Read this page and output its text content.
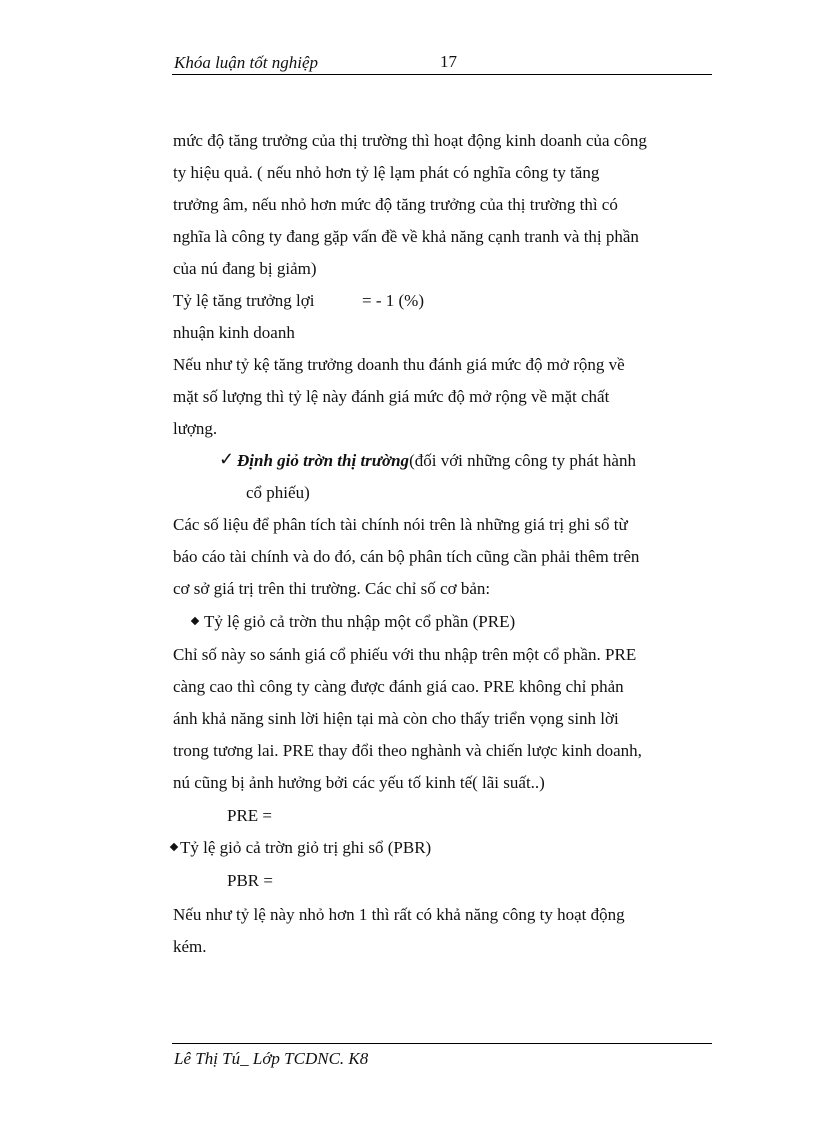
Khóa luận tốt nghiệp	17
mức độ tăng trưởng của thị trường thì hoạt động kinh doanh của công
ty hiệu quả. ( nếu nhỏ hơn tỷ lệ lạm phát có nghĩa công ty tăng
trưởng âm, nếu nhỏ hơn mức độ tăng trưởng của thị trường thì có
nghĩa là công ty đang gặp vấn đề về khả năng cạnh tranh và thị phần
của nú đang bị giảm)
Tỷ lệ tăng trưởng lợi	= - 1 (%)
nhuận kinh doanh
Nếu như tỷ kệ tăng trưởng doanh thu đánh giá mức độ mở rộng về
mặt số lượng thì tỷ lệ này đánh giá mức độ mở rộng về mặt chất
lượng.
✓ Định giỏ trờn thị trường(đối với những công ty phát hành
cổ phiếu)
Các số liệu để phân tích tài chính nói trên là những giá trị ghi sổ từ
báo cáo tài chính và do đó, cán bộ phân tích cũng cần phải thêm trên
cơ sở giá trị trên thi trường. Các chỉ số cơ bản:
Tỷ lệ giỏ cả trờn thu nhập một cổ phần (PRE)
Chỉ số này so sánh giá cổ phiếu với thu nhập trên một cổ phần. PRE
càng cao thì công ty càng được đánh giá cao. PRE không chỉ phản
ánh khả năng sinh lời hiện tại mà còn cho thấy triển vọng sinh lời
trong tương lai. PRE thay đổi theo nghành và chiến lược kinh doanh,
nú cũng bị ảnh hưởng bởi các yếu tố kinh tế( lãi suất..)
PRE =
Tỷ lệ giỏ cả trờn giỏ trị ghi sổ (PBR)
PBR =
Nếu như tỷ lệ này nhỏ hơn 1 thì rất có khả năng công ty hoạt động
kém.
Lê Thị Tú_ Lớp TCDNC. K8
